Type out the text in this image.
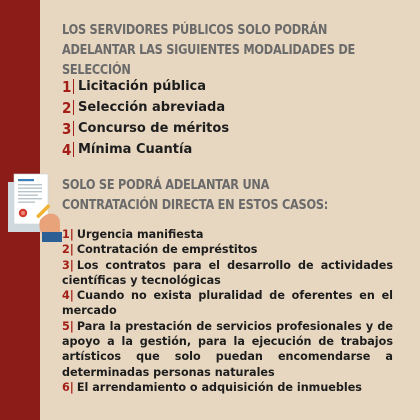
LOS SERVIDORES PÚBLICOS SOLO PODRÁN ADELANTAR LAS SIGUIENTES MODALIDADES DE SELECCIÓN

1 Licitación pública
2 Selección abreviada
3 Concurso de méritos
4 Mínima Cuantía

SOLO SE PODRÁ ADELANTAR UNA CONTRATACIÓN DIRECTA EN ESTOS CASOS:

1| Urgencia manifiesta
2| Contratación de empréstitos
3| Los contratos para el desarrollo de actividades científicas y tecnológicas
4| Cuando no exista pluralidad de oferentes en el mercado
5| Para la prestación de servicios profesionales y de apoyo a la gestión, para la ejecución de trabajos artísticos que solo puedan encomendarse a determinadas personas naturales
6| El arrendamiento o adquisición de inmuebles
